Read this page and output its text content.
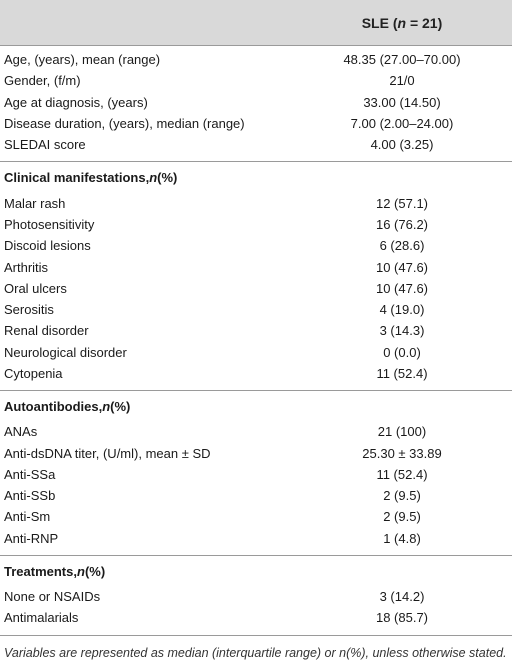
SLE (n = 21)
Age, (years), mean (range)	48.35 (27.00–70.00)
Gender, (f/m)	21/0
Age at diagnosis, (years)	33.00 (14.50)
Disease duration, (years), median (range)	7.00 (2.00–24.00)
SLEDAI score	4.00 (3.25)
Clinical manifestations, n (%)
Malar rash	12 (57.1)
Photosensitivity	16 (76.2)
Discoid lesions	6 (28.6)
Arthritis	10 (47.6)
Oral ulcers	10 (47.6)
Serositis	4 (19.0)
Renal disorder	3 (14.3)
Neurological disorder	0 (0.0)
Cytopenia	11 (52.4)
Autoantibodies, n (%)
ANAs	21 (100)
Anti-dsDNA titer, (U/ml), mean ± SD	25.30 ± 33.89
Anti-SSa	11 (52.4)
Anti-SSb	2 (9.5)
Anti-Sm	2 (9.5)
Anti-RNP	1 (4.8)
Treatments, n (%)
None or NSAIDs	3 (14.2)
Antimalarials	18 (85.7)
Variables are represented as median (interquartile range) or n(%), unless otherwise stated.
